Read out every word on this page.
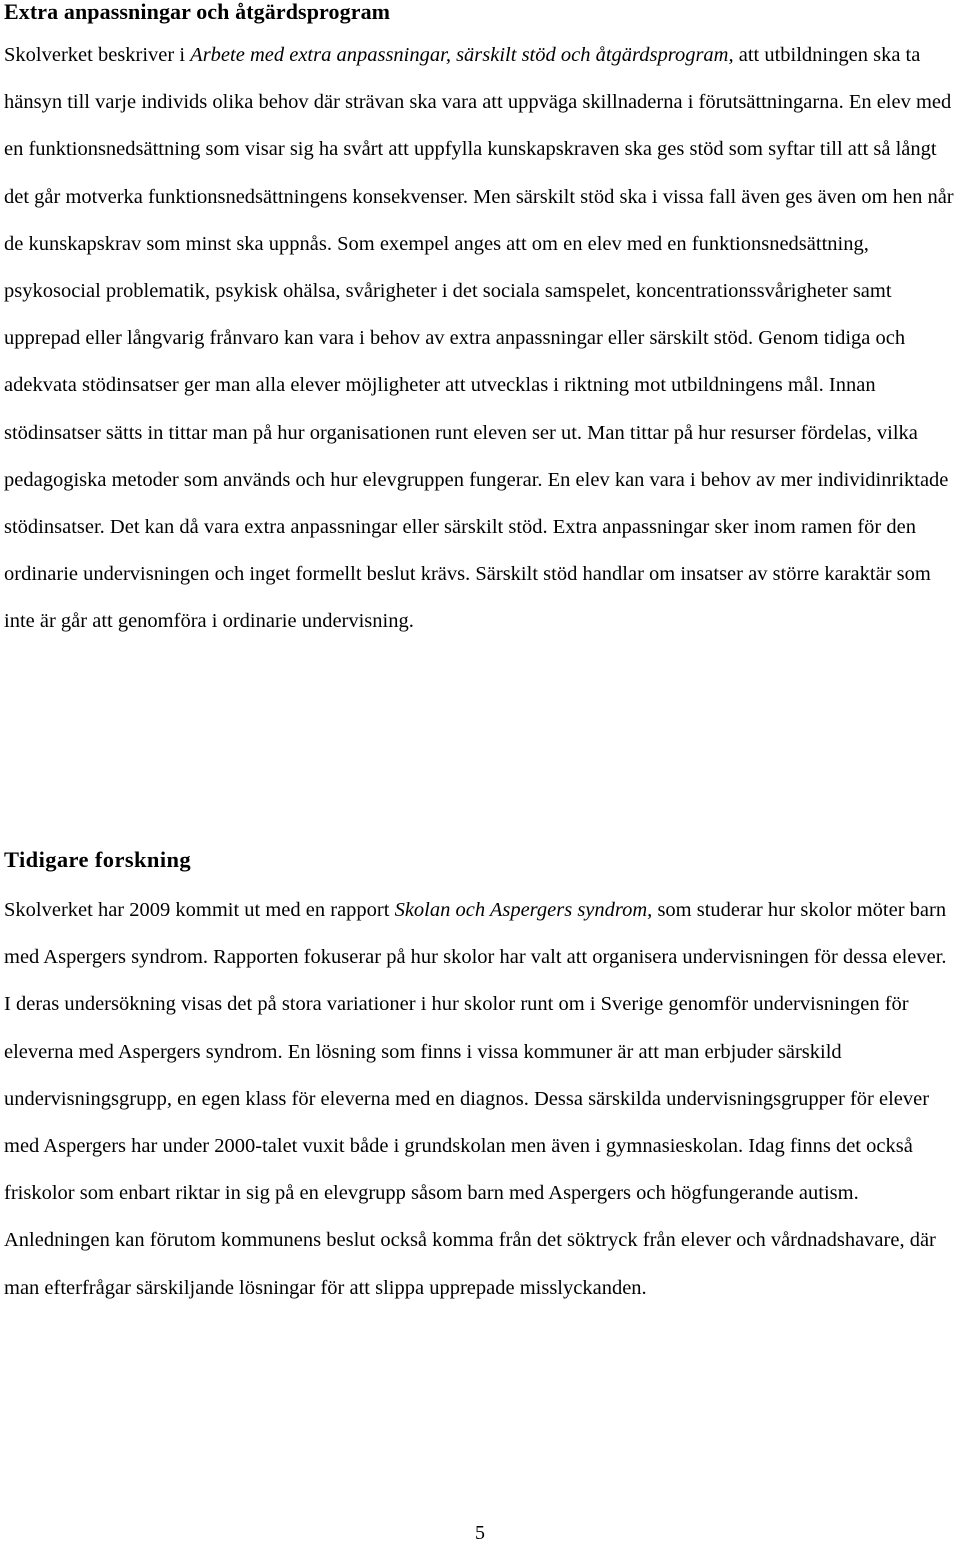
Extra anpassningar och åtgärdsprogram

Skolverket beskriver i Arbete med extra anpassningar, särskilt stöd och åtgärdsprogram, att utbildningen ska ta hänsyn till varje individs olika behov där strävan ska vara att uppväga skillnaderna i förutsättningarna. En elev med en funktionsnedsättning som visar sig ha svårt att uppfylla kunskapskraven ska ges stöd som syftar till att så långt det går motverka funktionsnedsättningens konsekvenser. Men särskilt stöd ska i vissa fall även ges även om hen når de kunskapskrav som minst ska uppnås. Som exempel anges att om en elev med en funktionsnedsättning, psykosocial problematik, psykisk ohälsa, svårigheter i det sociala samspelet, koncentrationssvårigheter samt upprepad eller långvarig frånvaro kan vara i behov av extra anpassningar eller särskilt stöd. Genom tidiga och adekvata stödinsatser ger man alla elever möjligheter att utvecklas i riktning mot utbildningens mål. Innan stödinsatser sätts in tittar man på hur organisationen runt eleven ser ut. Man tittar på hur resurser fördelas, vilka pedagogiska metoder som används och hur elevgruppen fungerar. En elev kan vara i behov av mer individinriktade stödinsatser. Det kan då vara extra anpassningar eller särskilt stöd. Extra anpassningar sker inom ramen för den ordinarie undervisningen och inget formellt beslut krävs. Särskilt stöd handlar om insatser av större karaktär som inte är går att genomföra i ordinarie undervisning.

Tidigare forskning

Skolverket har 2009 kommit ut med en rapport Skolan och Aspergers syndrom, som studerar hur skolor möter barn med Aspergers syndrom. Rapporten fokuserar på hur skolor har valt att organisera undervisningen för dessa elever. I deras undersökning visas det på stora variationer i hur skolor runt om i Sverige genomför undervisningen för eleverna med Aspergers syndrom. En lösning som finns i vissa kommuner är att man erbjuder särskild undervisningsgrupp, en egen klass för eleverna med en diagnos. Dessa särskilda undervisningsgrupper för elever med Aspergers har under 2000-talet vuxit både i grundskolan men även i gymnasieskolan. Idag finns det också friskolor som enbart riktar in sig på en elevgrupp såsom barn med Aspergers och högfungerande autism. Anledningen kan förutom kommunens beslut också komma från det söktryck från elever och vårdnadshavare, där man efterfrågar särskiljande lösningar för att slippa upprepade misslyckanden.

5
